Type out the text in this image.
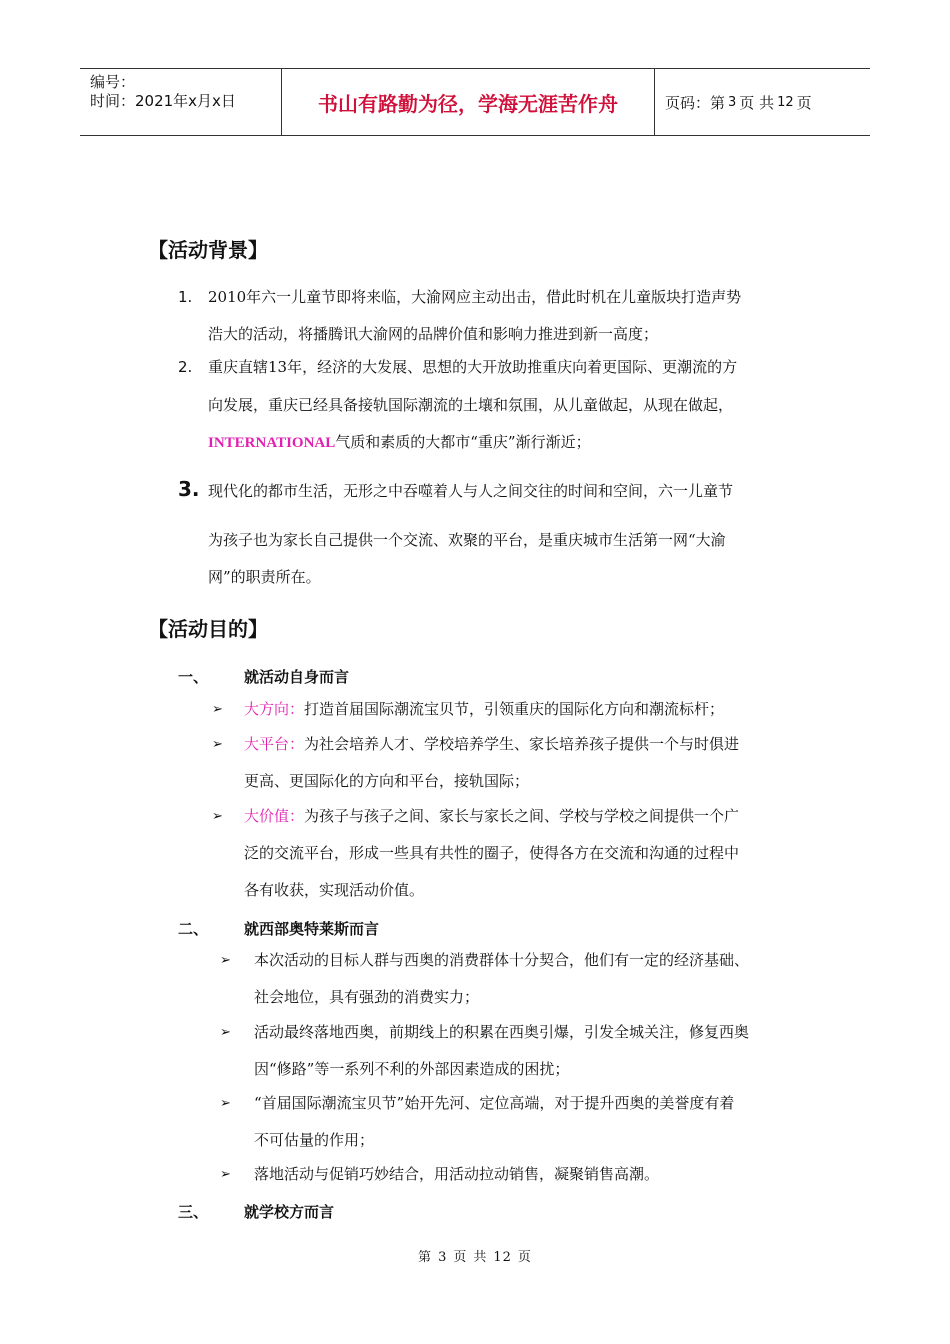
编号：
时间：2021年x月x日	书山有路勤为径，学海无涯苦作舟	页码：第 3 页 共 12 页
【活动背景】
1. 2010年六一儿童节即将来临，大渝网应主动出击，借此时机在儿童版块打造声势
浩大的活动，将播腾讯大渝网的品牌价值和影响力推进到新一高度；
2. 重庆直辖13年，经济的大发展、思想的大开放助推重庆向着更国际、更潮流的方
向发展，重庆已经具备接轨国际潮流的土壤和氛围，从儿童做起，从现在做起，
INTERNATIONAL气质和素质的大都市“重庆”渐行渐近；
3. 现代化的都市生活，无形之中吞噬着人与人之间交往的时间和空间，六一儿童节
为孩子也为家长自己提供一个交流、欢聚的平台，是重庆城市生活第一网“大渝
网”的职责所在。
【活动目的】
一、 就活动自身而言
➢ 大方向：打造首届国际潮流宝贝节，引领重庆的国际化方向和潮流标杆；
➢ 大平台：为社会培养人才、学校培养学生、家长培养孩子提供一个与时俱进
更高、更国际化的方向和平台，接轨国际；
➢ 大价值：为孩子与孩子之间、家长与家长之间、学校与学校之间提供一个广
泛的交流平台，形成一些具有共性的圈子，使得各方在交流和沟通的过程中
各有收获，实现活动价值。
二、 就西部奥特莱斯而言
➢ 本次活动的目标人群与西奥的消费群体十分契合，他们有一定的经济基础、
社会地位，具有强劲的消费实力；
➢ 活动最终落地西奥，前期线上的积累在西奥引爆，引发全城关注，修复西奥
因“修路”等一系列不利的外部因素造成的困扰；
➢ “首届国际潮流宝贝节”始开先河、定位高端，对于提升西奥的美誉度有着
不可估量的作用；
➢ 落地活动与促销巧妙结合，用活动拉动销售，凝聚销售高潮。
三、 就学校方而言
第 3 页 共 12 页
